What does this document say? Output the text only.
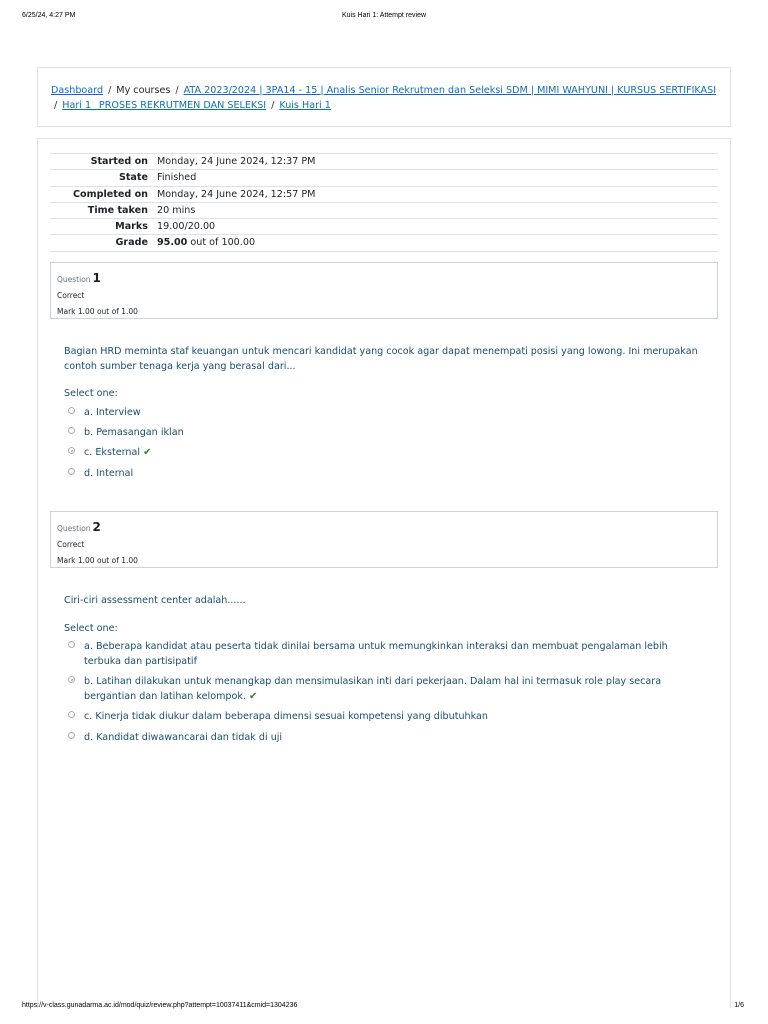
6/25/24, 4:27 PM	Kuis Hari 1: Attempt review
Dashboard / My courses / ATA 2023/2024 | 3PA14 - 15 | Analis Senior Rekrutmen dan Seleksi SDM | MIMI WAHYUNI | KURSUS SERTIFIKASI
/ Hari 1_ PROSES REKRUTMEN DAN SELEKSI / Kuis Hari 1
Started on	Monday, 24 June 2024, 12:37 PM
State	Finished
Completed on	Monday, 24 June 2024, 12:57 PM
Time taken	20 mins
Marks	19.00/20.00
Grade	95.00 out of 100.00
Question 1
Correct
Mark 1.00 out of 1.00
Bagian HRD meminta staf keuangan untuk mencari kandidat yang cocok agar dapat menempati posisi yang lowong. Ini merupakan contoh sumber tenaga kerja yang berasal dari...
Select one:
a. Interview
b. Pemasangan iklan
c. Eksternal ✔
d. Internal
Question 2
Correct
Mark 1.00 out of 1.00
Ciri-ciri assessment center adalah......
Select one:
a. Beberapa kandidat atau peserta tidak dinilai bersama untuk memungkinkan interaksi dan membuat pengalaman lebih terbuka dan partisipatif
b. Latihan dilakukan untuk menangkap dan mensimulasikan inti dari pekerjaan. Dalam hal ini termasuk role play secara bergantian dan latihan kelompok. ✔
c. Kinerja tidak diukur dalam beberapa dimensi sesuai kompetensi yang dibutuhkan
d. Kandidat diwawancarai dan tidak di uji
https://v-class.gunadarma.ac.id/mod/quiz/review.php?attempt=10037411&cmid=1304236	1/6
